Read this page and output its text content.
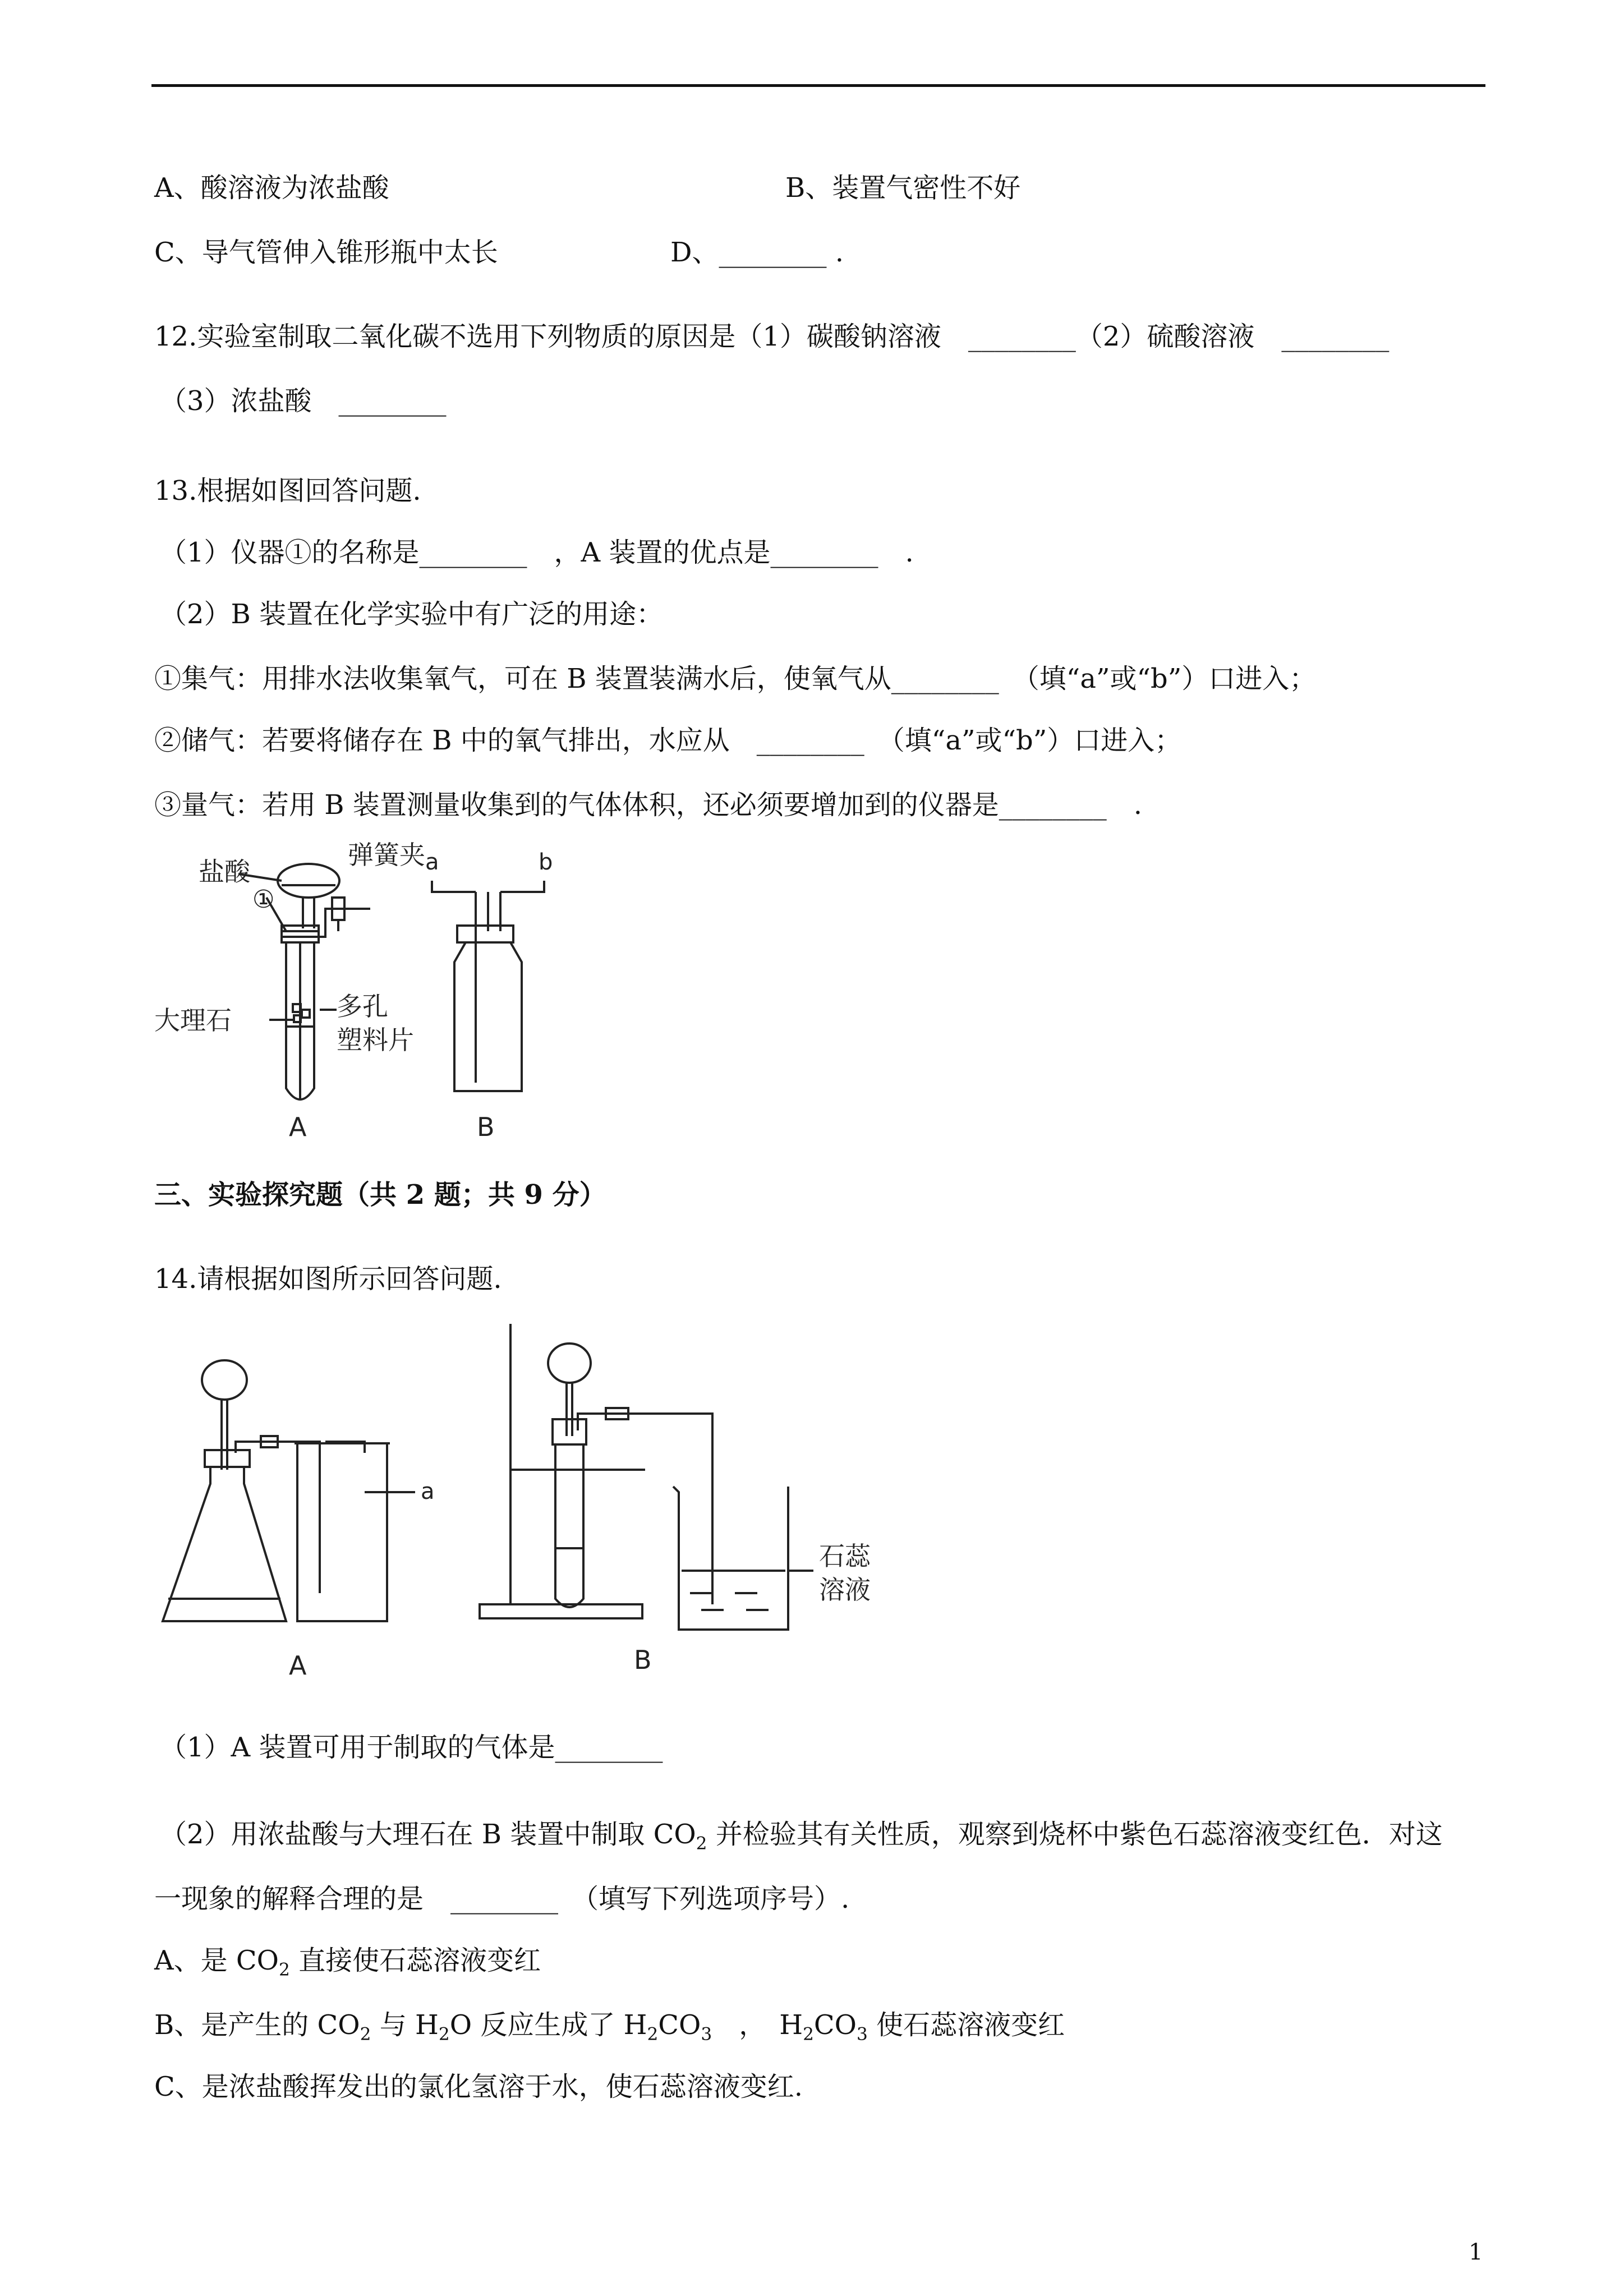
A、酸溶液为浓盐酸	B、装置气密性不好
C、导气管伸入锥形瓶中太长	D、________ .
12.实验室制取二氧化碳不选用下列物质的原因是（1）碳酸钠溶液　________（2）硫酸溶液　________
（3）浓盐酸　________
13.根据如图回答问题.
（1）仪器①的名称是________　，A 装置的优点是________　.
（2）B 装置在化学实验中有广泛的用途：
①集气：用排水法收集氧气，可在 B 装置装满水后，使氧气从________　（填“a”或“b”）口进入；
②储气：若要将储存在 B 中的氧气排出，水应从　________　（填“a”或“b”）口进入；
③量气：若用 B 装置测量收集到的气体体积，还必须要增加到的仪器是________　.
盐酸
弹簧夹
①
大理石	多孔
塑料片
a	b
A	B
三、实验探究题（共 2 题；共 9 分）
14.请根据如图所示回答问题.
a
石蕊
溶液
A	B
（1）A 装置可用于制取的气体是________
（2）用浓盐酸与大理石在 B 装置中制取 $CO_2$ 并检验其有关性质，观察到烧杯中紫色石蕊溶液变红色．对这
一现象的解释合理的是　________　（填写下列选项序号）.
A、是 $CO_2$ 直接使石蕊溶液变红
B、是产生的 $CO_2$ 与 $H_2O$ 反应生成了 $H_2CO_3$　，　$H_2CO_3$ 使石蕊溶液变红
C、是浓盐酸挥发出的氯化氢溶于水，使石蕊溶液变红.
1
